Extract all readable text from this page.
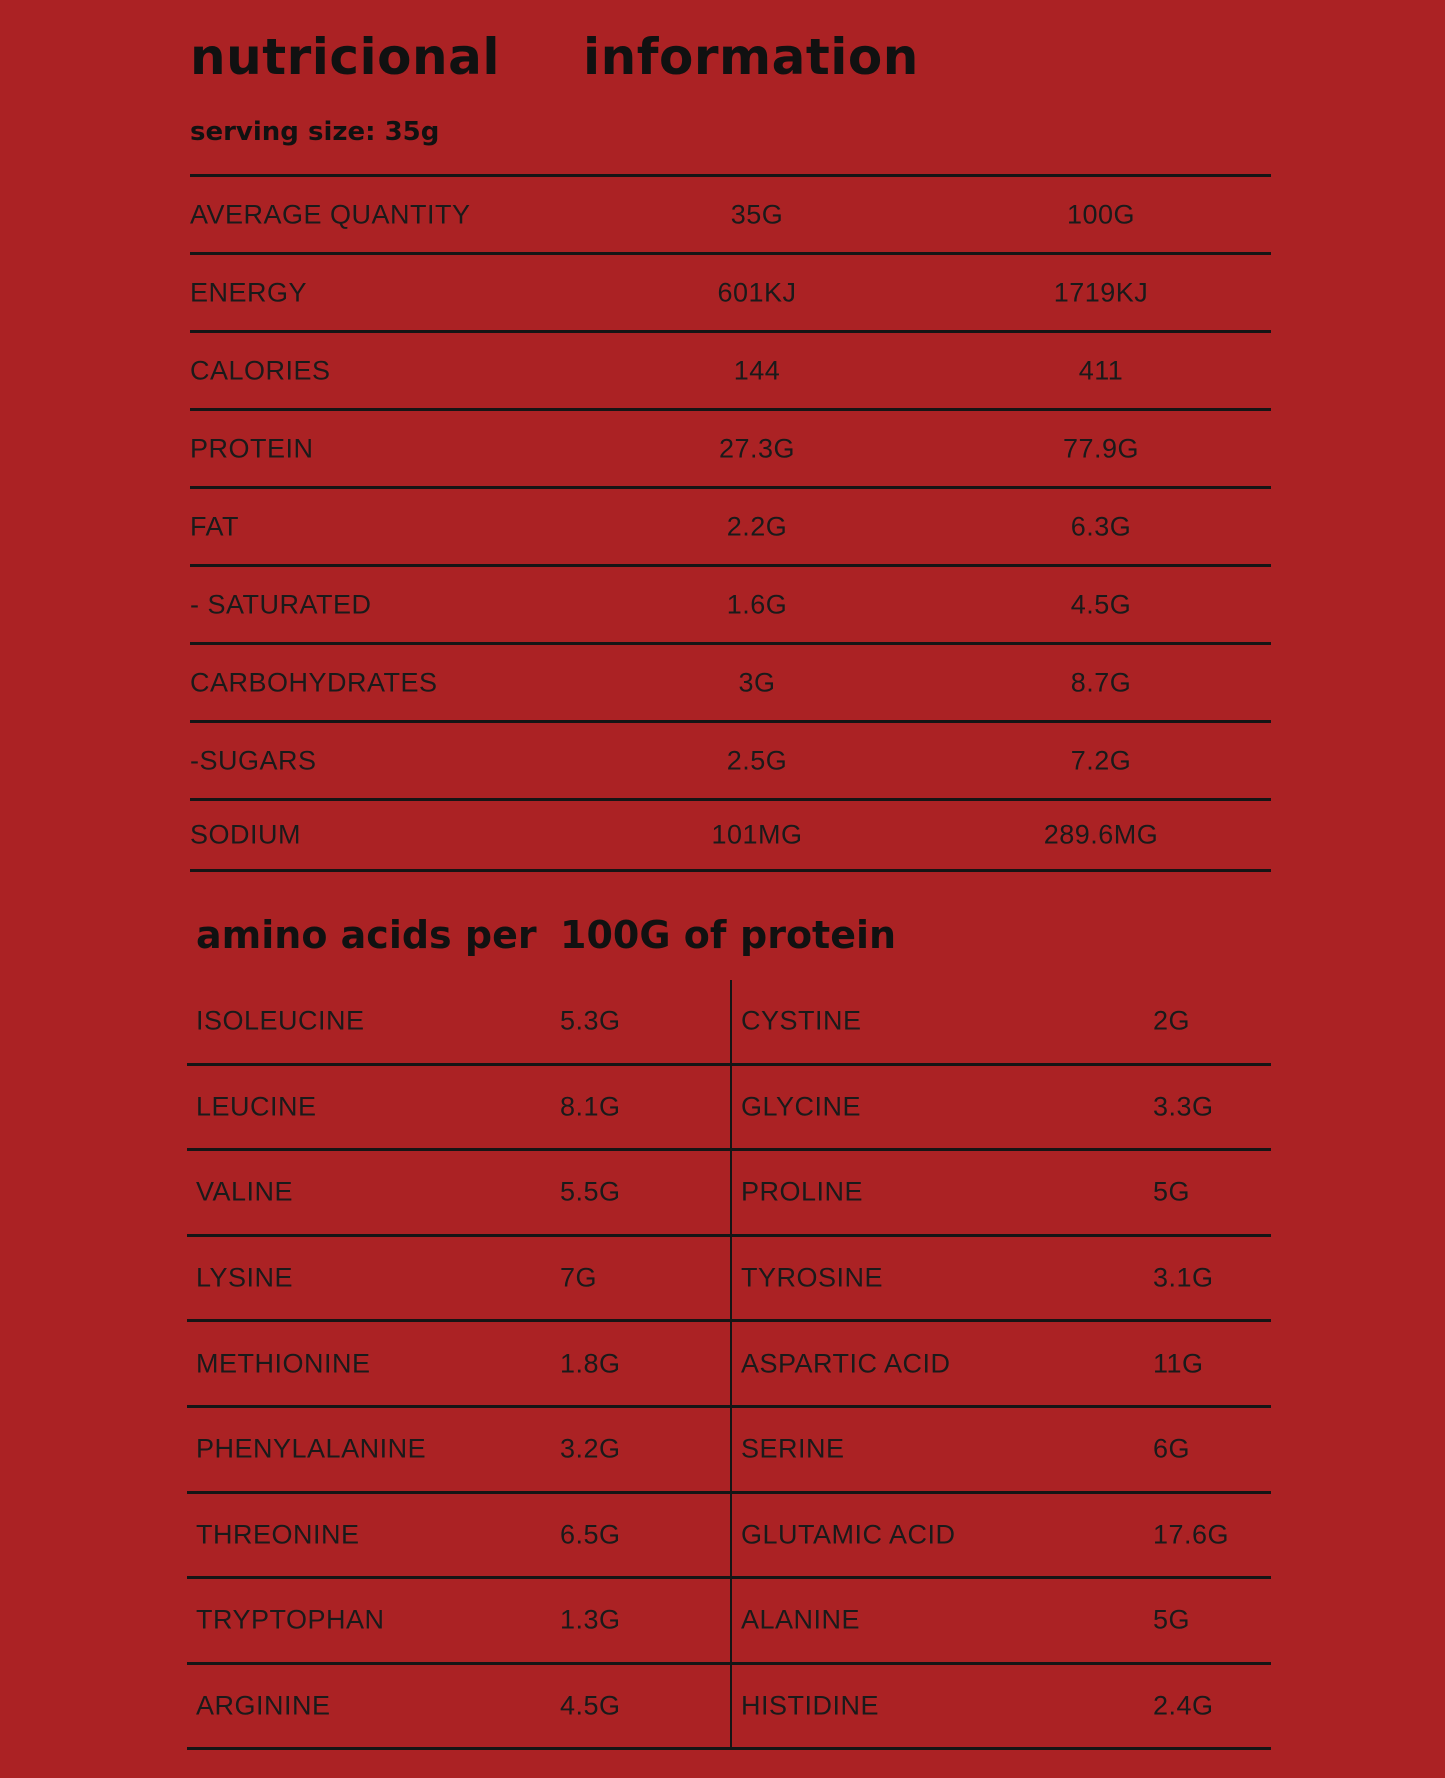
nutricional information
serving size: 35g
AVERAGE QUANTITY	35G	100G
ENERGY	601KJ	1719KJ
CALORIES	144	411
PROTEIN	27.3G	77.9G
FAT	2.2G	6.3G
- SATURATED	1.6G	4.5G
CARBOHYDRATES	3G	8.7G
-SUGARS	2.5G	7.2G
SODIUM	101MG	289.6MG
amino acids per 100G of protein
ISOLEUCINE	5.3G	CYSTINE	2G
LEUCINE	8.1G	GLYCINE	3.3G
VALINE	5.5G	PROLINE	5G
LYSINE	7G	TYROSINE	3.1G
METHIONINE	1.8G	ASPARTIC ACID	11G
PHENYLALANINE	3.2G	SERINE	6G
THREONINE	6.5G	GLUTAMIC ACID	17.6G
TRYPTOPHAN	1.3G	ALANINE	5G
ARGININE	4.5G	HISTIDINE	2.4G
